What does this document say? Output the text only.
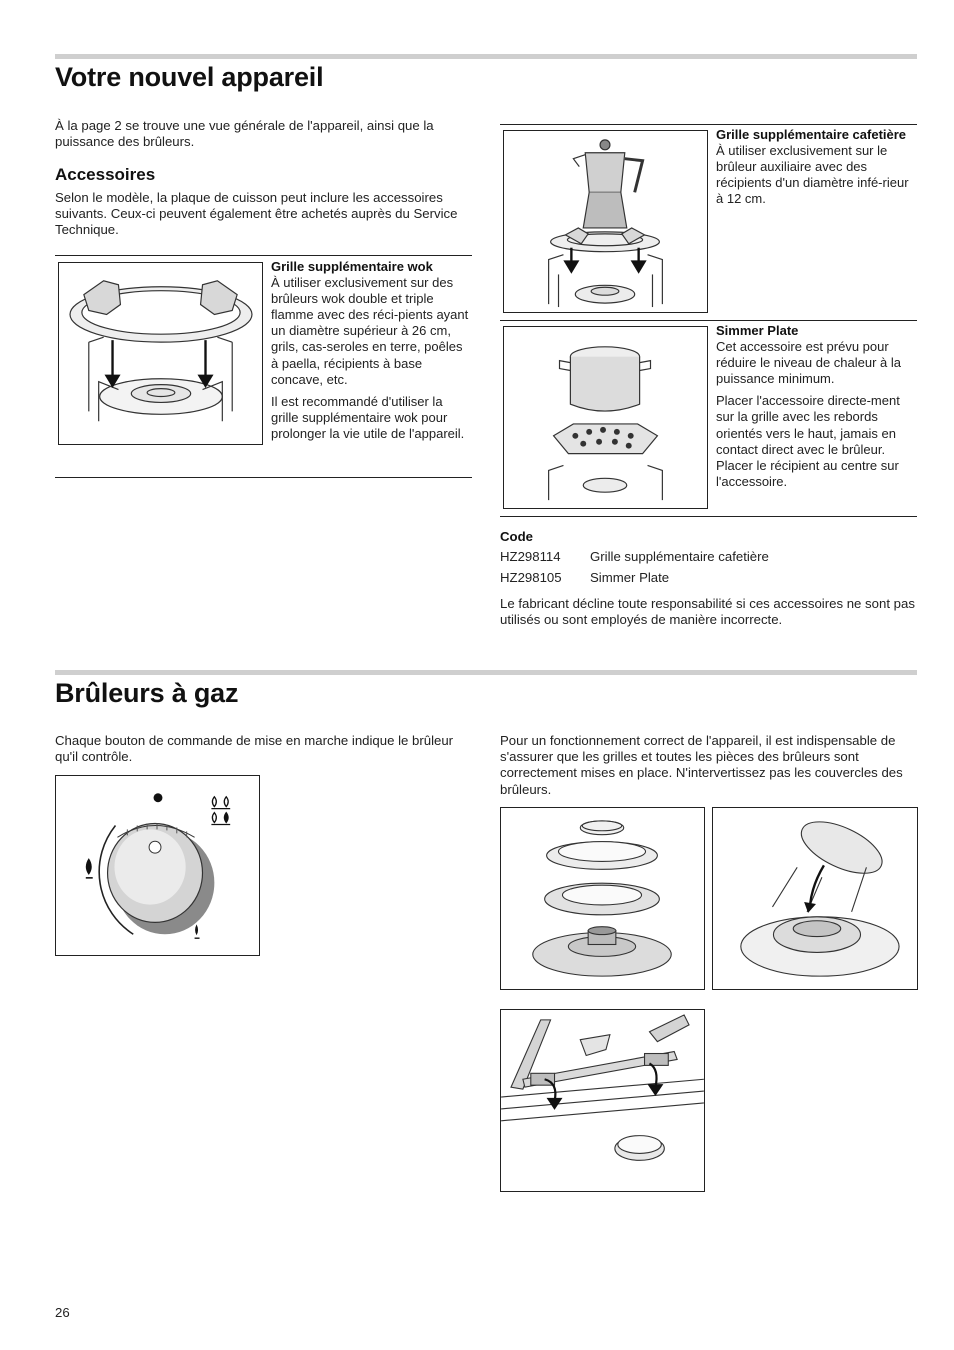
Votre nouvel appareil

À la page 2 se trouve une vue générale de l'appareil, ainsi que la puissance des brûleurs.

Accessoires

Selon le modèle, la plaque de cuisson peut inclure les accessoires suivants. Ceux-ci peuvent également être achetés auprès du Service Technique.

Grille supplémentaire wok
À utiliser exclusivement sur des brûleurs wok double et triple flamme avec des réci-pients ayant un diamètre supérieur à 26 cm, grils, cas-seroles en terre, poêles à paella, récipients à base concave, etc.
Il est recommandé d'utiliser la grille supplémentaire wok pour prolonger la vie utile de l'appareil.
Grille supplémentaire cafetière
À utiliser exclusivement sur le brûleur auxiliaire avec des récipients d'un diamètre infé-rieur à 12 cm.
Simmer Plate
Cet accessoire est prévu pour réduire le niveau de chaleur à la puissance minimum.
Placer l'accessoire directe-ment sur la grille avec les rebords orientés vers le haut, jamais en contact direct avec le brûleur. Placer le récipient au centre sur l'accessoire.
Code
HZ298114 Grille supplémentaire cafetière
HZ298105 Simmer Plate

Le fabricant décline toute responsabilité si ces accessoires ne sont pas utilisés ou sont employés de manière incorrecte.

Brûleurs à gaz

Chaque bouton de commande de mise en marche indique le brûleur qu'il contrôle.

Pour un fonctionnement correct de l'appareil, il est indispensable de s'assurer que les grilles et toutes les pièces des brûleurs sont correctement mises en place. N'intervertissez pas les couvercles des brûleurs.

26
